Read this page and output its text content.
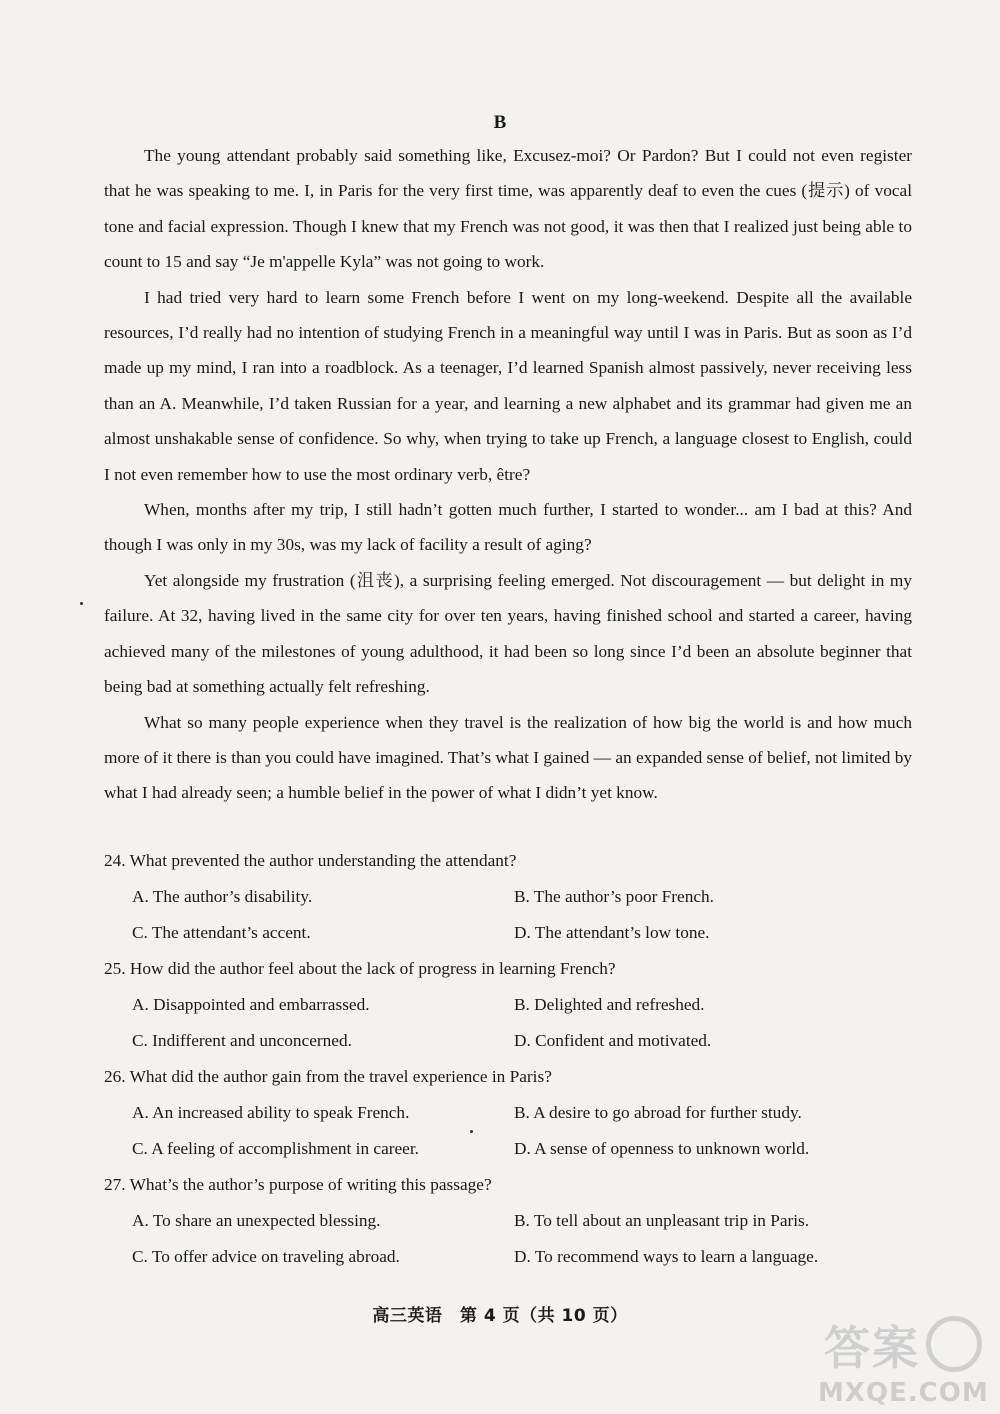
B

The young attendant probably said something like, Excusez-moi? Or Pardon? But I could not even register that he was speaking to me. I, in Paris for the very first time, was apparently deaf to even the cues (提示) of vocal tone and facial expression. Though I knew that my French was not good, it was then that I realized just being able to count to 15 and say “Je m'appelle Kyla” was not going to work.

I had tried very hard to learn some French before I went on my long-weekend. Despite all the available resources, I’d really had no intention of studying French in a meaningful way until I was in Paris. But as soon as I’d made up my mind, I ran into a roadblock. As a teenager, I’d learned Spanish almost passively, never receiving less than an A. Meanwhile, I’d taken Russian for a year, and learning a new alphabet and its grammar had given me an almost unshakable sense of confidence. So why, when trying to take up French, a language closest to English, could I not even remember how to use the most ordinary verb, être?

When, months after my trip, I still hadn’t gotten much further, I started to wonder... am I bad at this? And though I was only in my 30s, was my lack of facility a result of aging?

Yet alongside my frustration (沮丧), a surprising feeling emerged. Not discouragement — but delight in my failure. At 32, having lived in the same city for over ten years, having finished school and started a career, having achieved many of the milestones of young adulthood, it had been so long since I’d been an absolute beginner that being bad at something actually felt refreshing.

What so many people experience when they travel is the realization of how big the world is and how much more of it there is than you could have imagined. That’s what I gained — an expanded sense of belief, not limited by what I had already seen; a humble belief in the power of what I didn’t yet know.

24. What prevented the author understanding the attendant?

A. The author’s disability.	B. The author’s poor French.
C. The attendant’s accent.	D. The attendant’s low tone.

25. How did the author feel about the lack of progress in learning French?

A. Disappointed and embarrassed.	B. Delighted and refreshed.
C. Indifferent and unconcerned.	D. Confident and motivated.

26. What did the author gain from the travel experience in Paris?

A. An increased ability to speak French.	B. A desire to go abroad for further study.
C. A feeling of accomplishment in career.	D. A sense of openness to unknown world.

27. What’s the author’s purpose of writing this passage?

A. To share an unexpected blessing.	B. To tell about an unpleasant trip in Paris.
C. To offer advice on traveling abroad.	D. To recommend ways to learn a language.
高三英语　第 4 页（共 10 页）
答案
MXQE.COM
